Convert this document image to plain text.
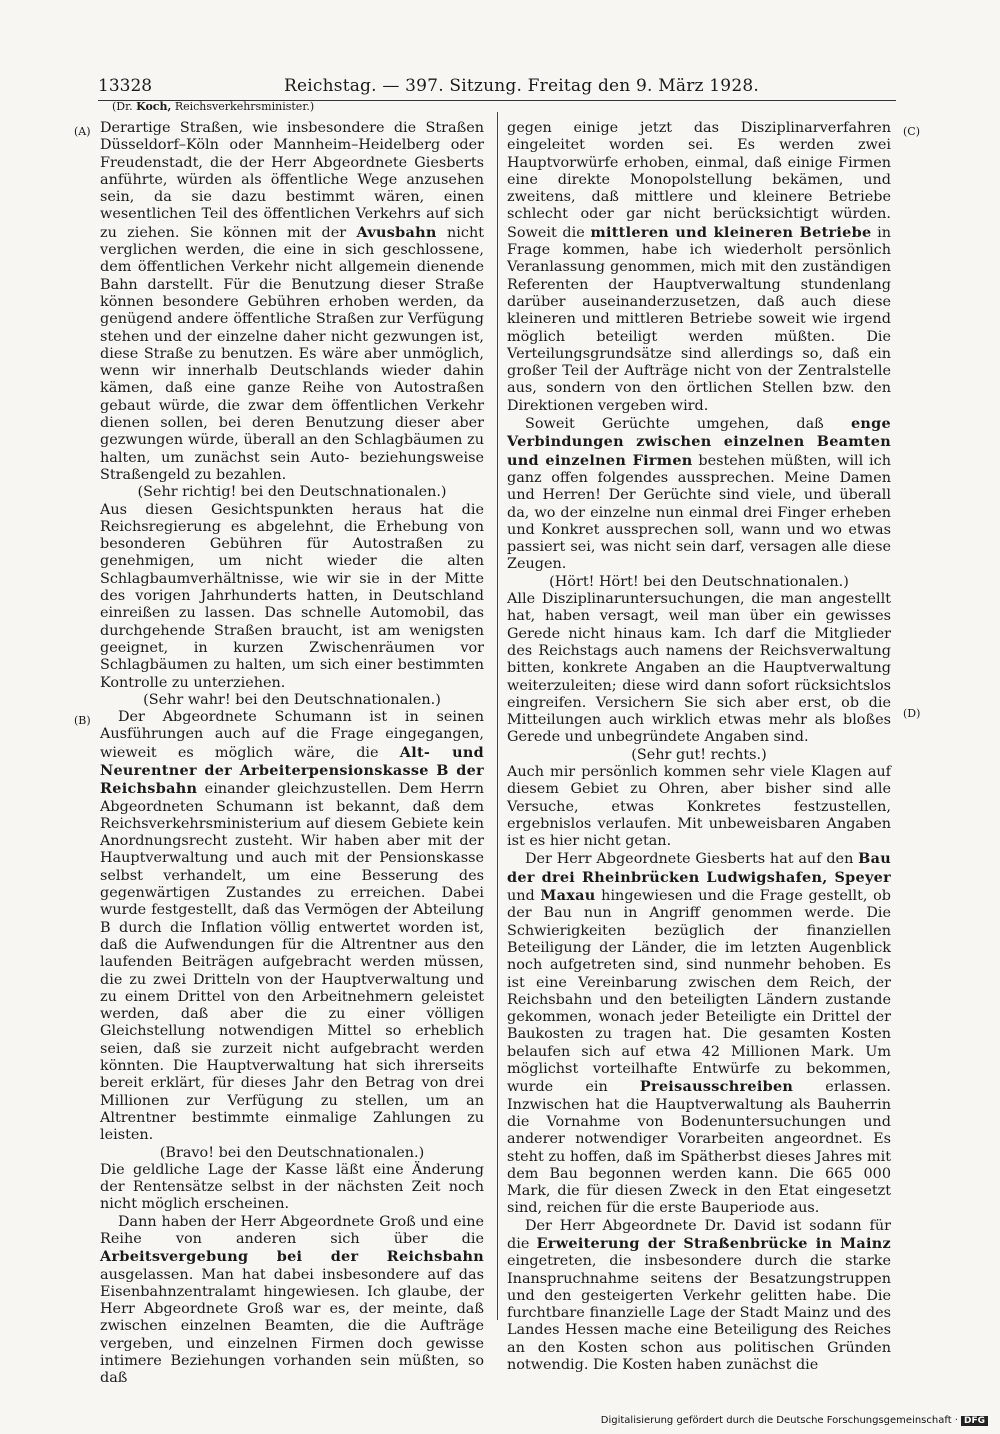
13328	Reichstag. — 397. Sitzung. Freitag den 9. März 1928.
(Dr. Koch, Reichsverkehrsminister.)
(A)
(B)
(C)
(D)

Derartige Straßen, wie insbesondere die Straßen Düsseldorf–Köln oder Mannheim–Heidelberg oder Freudenstadt, die der Herr Abgeordnete Giesberts anführte, würden als öffentliche Wege anzusehen sein, da sie dazu bestimmt wären, einen wesentlichen Teil des öffentlichen Verkehrs auf sich zu ziehen. Sie können mit der Avusbahn nicht verglichen werden, die eine in sich geschlossene, dem öffentlichen Verkehr nicht allgemein dienende Bahn darstellt. Für die Benutzung dieser Straße können besondere Gebühren erhoben werden, da genügend andere öffentliche Straßen zur Verfügung stehen und der einzelne daher nicht gezwungen ist, diese Straße zu benutzen. Es wäre aber unmöglich, wenn wir innerhalb Deutschlands wieder dahin kämen, daß eine ganze Reihe von Autostraßen gebaut würde, die zwar dem öffentlichen Verkehr dienen sollen, bei deren Benutzung dieser aber gezwungen würde, überall an den Schlagbäumen zu halten, um zunächst sein Auto- beziehungsweise Straßengeld zu bezahlen.

(Sehr richtig! bei den Deutschnationalen.)

Aus diesen Gesichtspunkten heraus hat die Reichsregierung es abgelehnt, die Erhebung von besonderen Gebühren für Autostraßen zu genehmigen, um nicht wieder die alten Schlagbaumverhältnisse, wie wir sie in der Mitte des vorigen Jahrhunderts hatten, in Deutschland einreißen zu lassen. Das schnelle Automobil, das durchgehende Straßen braucht, ist am wenigsten geeignet, in kurzen Zwischenräumen vor Schlagbäumen zu halten, um sich einer bestimmten Kontrolle zu unterziehen.

(Sehr wahr! bei den Deutschnationalen.)

Der Abgeordnete Schumann ist in seinen Ausführungen auch auf die Frage eingegangen, wieweit es möglich wäre, die Alt- und Neurentner der Arbeiterpensionskasse B der Reichsbahn einander gleichzustellen. Dem Herrn Abgeordneten Schumann ist bekannt, daß dem Reichsverkehrsministerium auf diesem Gebiete kein Anordnungsrecht zusteht. Wir haben aber mit der Hauptverwaltung und auch mit der Pensionskasse selbst verhandelt, um eine Besserung des gegenwärtigen Zustandes zu erreichen. Dabei wurde festgestellt, daß das Vermögen der Abteilung B durch die Inflation völlig entwertet worden ist, daß die Aufwendungen für die Altrentner aus den laufenden Beiträgen aufgebracht werden müssen, die zu zwei Dritteln von der Hauptverwaltung und zu einem Drittel von den Arbeitnehmern geleistet werden, daß aber die zu einer völligen Gleichstellung notwendigen Mittel so erheblich seien, daß sie zurzeit nicht aufgebracht werden könnten. Die Hauptverwaltung hat sich ihrerseits bereit erklärt, für dieses Jahr den Betrag von drei Millionen zur Verfügung zu stellen, um an Altrentner bestimmte einmalige Zahlungen zu leisten.

(Bravo! bei den Deutschnationalen.)

Die geldliche Lage der Kasse läßt eine Änderung der Rentensätze selbst in der nächsten Zeit noch nicht möglich erscheinen.

Dann haben der Herr Abgeordnete Groß und eine Reihe von anderen sich über die Arbeitsvergebung bei der Reichsbahn ausgelassen. Man hat dabei insbesondere auf das Eisenbahnzentralamt hingewiesen. Ich glaube, der Herr Abgeordnete Groß war es, der meinte, daß zwischen einzelnen Beamten, die die Aufträge vergeben, und einzelnen Firmen doch gewisse intimere Beziehungen vorhanden sein müßten, so daß

gegen einige jetzt das Disziplinarverfahren eingeleitet worden sei. Es werden zwei Hauptvorwürfe erhoben, einmal, daß einige Firmen eine direkte Monopolstellung bekämen, und zweitens, daß mittlere und kleinere Betriebe schlecht oder gar nicht berücksichtigt würden. Soweit die mittleren und kleineren Betriebe in Frage kommen, habe ich wiederholt persönlich Veranlassung genommen, mich mit den zuständigen Referenten der Hauptverwaltung stundenlang darüber auseinanderzusetzen, daß auch diese kleineren und mittleren Betriebe soweit wie irgend möglich beteiligt werden müßten. Die Verteilungsgrundsätze sind allerdings so, daß ein großer Teil der Aufträge nicht von der Zentralstelle aus, sondern von den örtlichen Stellen bzw. den Direktionen vergeben wird.

Soweit Gerüchte umgehen, daß enge Verbindungen zwischen einzelnen Beamten und einzelnen Firmen bestehen müßten, will ich ganz offen folgendes aussprechen. Meine Damen und Herren! Der Gerüchte sind viele, und überall da, wo der einzelne nun einmal drei Finger erheben und Konkret aussprechen soll, wann und wo etwas passiert sei, was nicht sein darf, versagen alle diese Zeugen.

(Hört! Hört! bei den Deutschnationalen.)

Alle Disziplinaruntersuchungen, die man angestellt hat, haben versagt, weil man über ein gewisses Gerede nicht hinaus kam. Ich darf die Mitglieder des Reichstags auch namens der Reichsverwaltung bitten, konkrete Angaben an die Hauptverwaltung weiterzuleiten; diese wird dann sofort rücksichtslos eingreifen. Versichern Sie sich aber erst, ob die Mitteilungen auch wirklich etwas mehr als bloßes Gerede und unbegründete Angaben sind.

(Sehr gut! rechts.)

Auch mir persönlich kommen sehr viele Klagen auf diesem Gebiet zu Ohren, aber bisher sind alle Versuche, etwas Konkretes festzustellen, ergebnislos verlaufen. Mit unbeweisbaren Angaben ist es hier nicht getan.

Der Herr Abgeordnete Giesberts hat auf den Bau der drei Rheinbrücken Ludwigshafen, Speyer und Maxau hingewiesen und die Frage gestellt, ob der Bau nun in Angriff genommen werde. Die Schwierigkeiten bezüglich der finanziellen Beteiligung der Länder, die im letzten Augenblick noch aufgetreten sind, sind nunmehr behoben. Es ist eine Vereinbarung zwischen dem Reich, der Reichsbahn und den beteiligten Ländern zustande gekommen, wonach jeder Beteiligte ein Drittel der Baukosten zu tragen hat. Die gesamten Kosten belaufen sich auf etwa 42 Millionen Mark. Um möglichst vorteilhafte Entwürfe zu bekommen, wurde ein Preisausschreiben erlassen. Inzwischen hat die Hauptverwaltung als Bauherrin die Vornahme von Bodenuntersuchungen und anderer notwendiger Vorarbeiten angeordnet. Es steht zu hoffen, daß im Spätherbst dieses Jahres mit dem Bau begonnen werden kann. Die 665 000 Mark, die für diesen Zweck in den Etat eingesetzt sind, reichen für die erste Bauperiode aus.

Der Herr Abgeordnete Dr. David ist sodann für die Erweiterung der Straßenbrücke in Mainz eingetreten, die insbesondere durch die starke Inanspruchnahme seitens der Besatzungstruppen und den gesteigerten Verkehr gelitten habe. Die furchtbare finanzielle Lage der Stadt Mainz und des Landes Hessen mache eine Beteiligung des Reiches an den Kosten schon aus politischen Gründen notwendig. Die Kosten haben zunächst die

Digitalisierung gefördert durch die Deutsche Forschungsgemeinschaft · DFG
